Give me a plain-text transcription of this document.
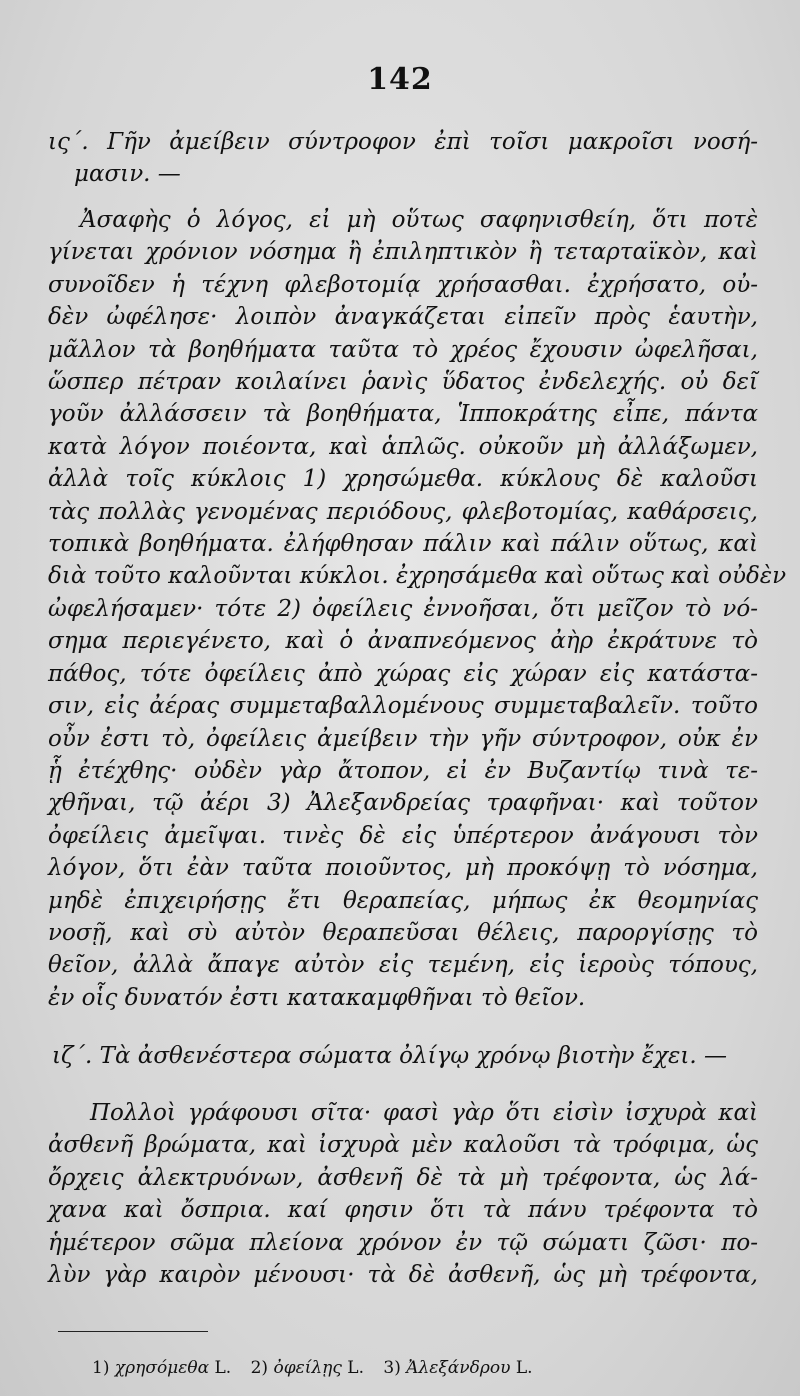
142
ις΄. Γῆν ἀμείβειν σύντροφον ἐπὶ τοῖσι μακροῖσι νοσή-
μασιν. —
Ἀσαφὴς ὁ λόγος, εἰ μὴ οὕτως σαφηνισθείη, ὅτι ποτὲ
γίνεται χρόνιον νόσημα ἢ ἐπιληπτικὸν ἢ τεταρταϊκὸν, καὶ
συνοῖδεν ἡ τέχνη φλεβοτομίᾳ χρήσασθαι. ἐχρήσατο, οὐ-
δὲν ὠφέλησε· λοιπὸν ἀναγκάζεται εἰπεῖν πρὸς ἑαυτὴν,
μᾶλλον τὰ βοηθήματα ταῦτα τὸ χρέος ἔχουσιν ὠφελῆσαι,
ὥσπερ πέτραν κοιλαίνει ῥανὶς ὕδατος ἐνδελεχής. οὐ δεῖ
γοῦν ἀλλάσσειν τὰ βοηθήματα, Ἱπποκράτης εἶπε, πάντα
κατὰ λόγον ποιέοντα, καὶ ἁπλῶς. οὐκοῦν μὴ ἀλλάξωμεν,
ἀλλὰ τοῖς κύκλοις 1) χρησώμεθα. κύκλους δὲ καλοῦσι
τὰς πολλὰς γενομένας περιόδους, φλεβοτομίας, καθάρσεις,
τοπικὰ βοηθήματα. ἐλήφθησαν πάλιν καὶ πάλιν οὕτως, καὶ
διὰ τοῦτο καλοῦνται κύκλοι. ἐχρησάμεθα καὶ οὕτως καὶ οὐδὲν
ὠφελήσαμεν· τότε 2) ὀφείλεις ἐννοῆσαι, ὅτι μεῖζον τὸ νό-
σημα περιεγένετο, καὶ ὁ ἀναπνεόμενος ἀὴρ ἐκράτυνε τὸ
πάθος, τότε ὀφείλεις ἀπὸ χώρας εἰς χώραν εἰς κατάστα-
σιν, εἰς ἀέρας συμμεταβαλλομένους συμμεταβαλεῖν. τοῦτο
οὖν ἐστι τὸ, ὀφείλεις ἀμείβειν τὴν γῆν σύντροφον, οὐκ ἐν
ᾗ ἐτέχθης· οὐδὲν γὰρ ἄτοπον, εἰ ἐν Βυζαντίῳ τινὰ τε-
χθῆναι, τῷ ἀέρι 3) Ἀλεξανδρείας τραφῆναι· καὶ τοῦτον
ὀφείλεις ἀμεῖψαι. τινὲς δὲ εἰς ὑπέρτερον ἀνάγουσι τὸν
λόγον, ὅτι ἐὰν ταῦτα ποιοῦντος, μὴ προκόψῃ τὸ νόσημα,
μηδὲ ἐπιχειρήσῃς ἔτι θεραπείας, μήπως ἐκ θεομηνίας
νοσῇ, καὶ σὺ αὐτὸν θεραπεῦσαι θέλεις, παροργίσῃς τὸ
θεῖον, ἀλλὰ ἄπαγε αὐτὸν εἰς τεμένη, εἰς ἱεροὺς τόπους,
ἐν οἷς δυνατόν ἐστι κατακαμφθῆναι τὸ θεῖον.
ιζ΄. Τὰ ἀσθενέστερα σώματα ὀλίγῳ χρόνῳ βιοτὴν ἔχει. —
Πολλοὶ γράφουσι σῖτα· φασὶ γὰρ ὅτι εἰσὶν ἰσχυρὰ καὶ
ἀσθενῆ βρώματα, καὶ ἰσχυρὰ μὲν καλοῦσι τὰ τρόφιμα, ὡς
ὄρχεις ἀλεκτρυόνων, ἀσθενῆ δὲ τὰ μὴ τρέφοντα, ὡς λά-
χανα καὶ ὄσπρια. καί φησιν ὅτι τὰ πάνυ τρέφοντα τὸ
ἡμέτερον σῶμα πλείονα χρόνον ἐν τῷ σώματι ζῶσι· πο-
λὺν γὰρ καιρὸν μένουσι· τὰ δὲ ἀσθενῆ, ὡς μὴ τρέφοντα,
1) χρησόμεθα L. 2) ὀφείλῃς L. 3) Ἀλεξάνδρου L.
